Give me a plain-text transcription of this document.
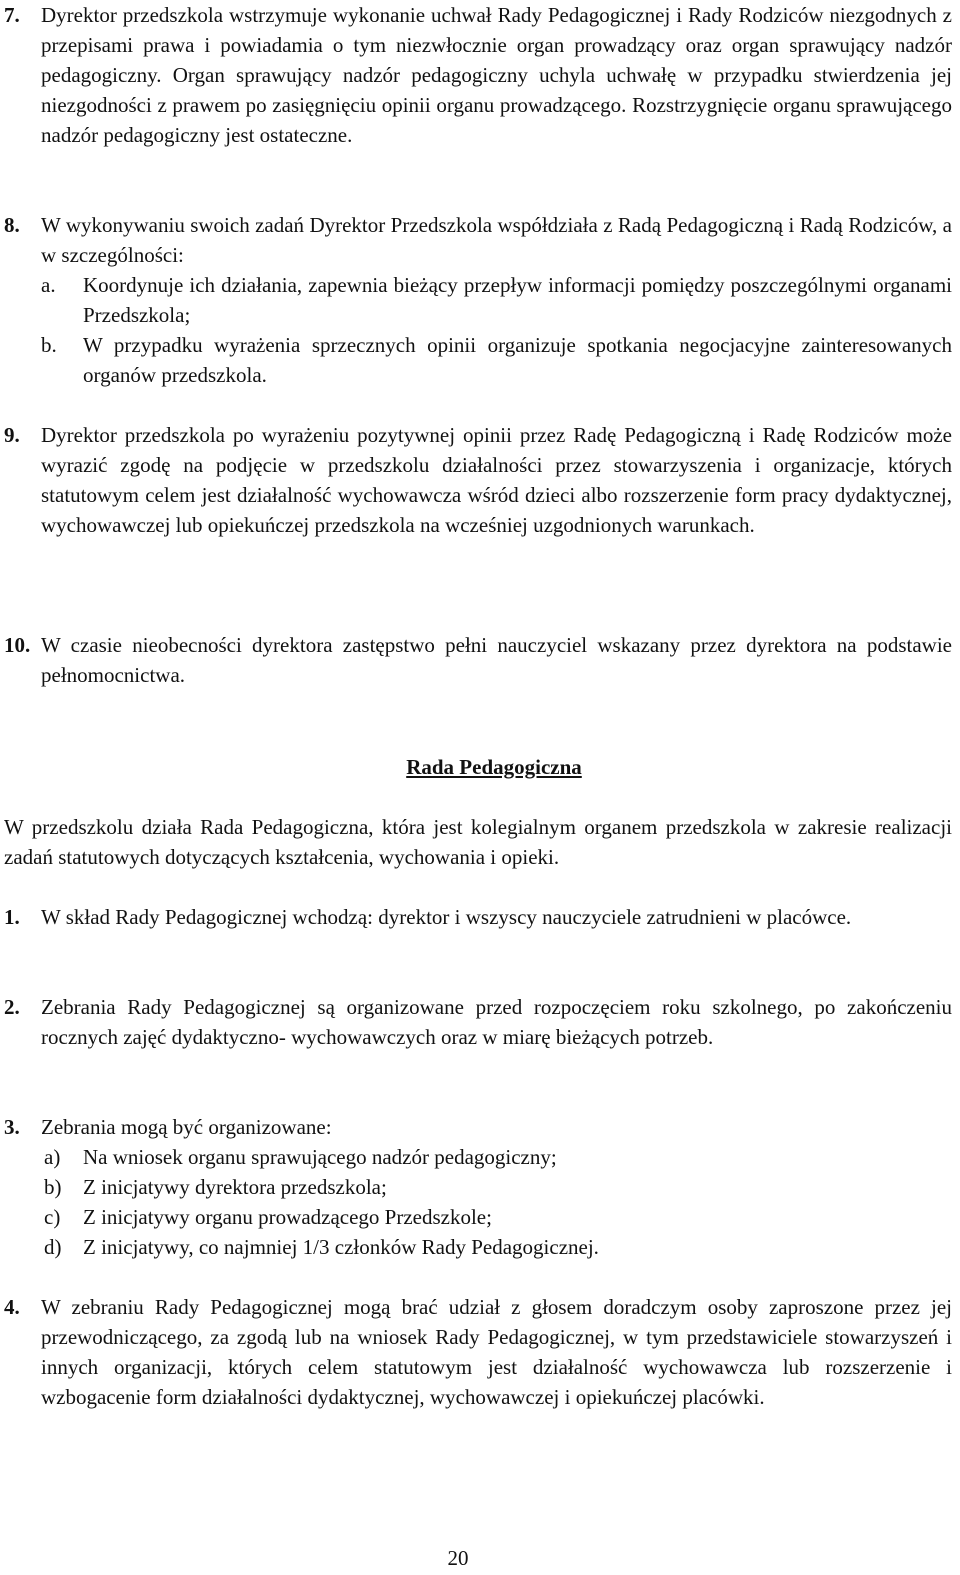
7. Dyrektor przedszkola wstrzymuje wykonanie uchwał Rady Pedagogicznej i Rady Rodziców niezgodnych z przepisami prawa i powiadamia o tym niezwłocznie organ prowadzący oraz organ sprawujący nadzór pedagogiczny. Organ sprawujący nadzór pedagogiczny uchyla uchwałę w przypadku stwierdzenia jej niezgodności z prawem po zasięgnięciu opinii organu prowadzącego. Rozstrzygnięcie organu sprawującego nadzór pedagogiczny jest ostateczne.
8. W wykonywaniu swoich zadań Dyrektor Przedszkola współdziała z Radą Pedagogiczną i Radą Rodziców, a w szczególności:
a. Koordynuje ich działania, zapewnia bieżący przepływ informacji pomiędzy poszczególnymi organami Przedszkola;
b. W przypadku wyrażenia sprzecznych opinii organizuje spotkania negocjacyjne zainteresowanych organów przedszkola.
9. Dyrektor przedszkola po wyrażeniu pozytywnej opinii przez Radę Pedagogiczną i Radę Rodziców może wyrazić zgodę na podjęcie w przedszkolu działalności przez stowarzyszenia i organizacje, których statutowym celem jest działalność wychowawcza wśród dzieci albo rozszerzenie form pracy dydaktycznej, wychowawczej lub opiekuńczej przedszkola na wcześniej uzgodnionych warunkach.
10. W czasie nieobecności dyrektora zastępstwo pełni nauczyciel wskazany przez dyrektora na podstawie pełnomocnictwa.
Rada Pedagogiczna
W przedszkolu działa Rada Pedagogiczna, która jest kolegialnym organem przedszkola w zakresie realizacji zadań statutowych dotyczących kształcenia, wychowania i opieki.
1. W skład Rady Pedagogicznej wchodzą: dyrektor i wszyscy nauczyciele zatrudnieni w placówce.
2. Zebrania Rady Pedagogicznej są organizowane przed rozpoczęciem roku szkolnego, po zakończeniu rocznych zajęć dydaktyczno- wychowawczych oraz w miarę bieżących potrzeb.
3. Zebrania mogą być organizowane:
a) Na wniosek organu sprawującego nadzór pedagogiczny;
b) Z inicjatywy dyrektora przedszkola;
c) Z inicjatywy organu prowadzącego Przedszkole;
d) Z inicjatywy, co najmniej 1/3 członków Rady Pedagogicznej.
4. W zebraniu Rady Pedagogicznej mogą brać udział z głosem doradczym osoby zaproszone przez jej przewodniczącego, za zgodą lub na wniosek Rady Pedagogicznej, w tym przedstawiciele stowarzyszeń i innych organizacji, których celem statutowym jest działalność wychowawcza lub rozszerzenie i wzbogacenie form działalności dydaktycznej, wychowawczej i opiekuńczej placówki.
20
